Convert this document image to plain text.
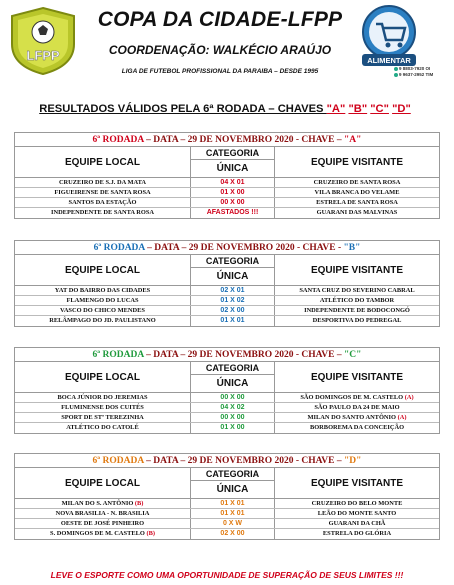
LFPP
COPA DA CIDADE-LFPP
COORDENAÇÃO: WALKÉCIO ARAÚJO
LIGA DE FUTEBOL PROFISSIONAL DA PARAIBA – DESDE 1995
ALIMENTAR
9 8803-7920 OI
9 9637-2952 TIM
RESULTADOS VÁLIDOS PELA 6ª RODADA – CHAVES "A" "B" "C" "D"
6ª RODADA – DATA – 29 DE NOVEMBRO 2020 - CHAVE – "A"
EQUIPE LOCAL
CATEGORIA
ÚNICA
EQUIPE VISITANTE
CRUZEIRO DE S.J. DA MATA	04 X 01	CRUZEIRO DE SANTA ROSA
FIGUEIRENSE DE SANTA ROSA	01 X 00	VILA BRANCA DO VELAME
SANTOS DA ESTAÇÃO	00 X 00	ESTRELA DE SANTA ROSA
INDEPENDENTE DE SANTA ROSA	AFASTADOS !!!	GUARANI DAS MALVINAS
6ª RODADA – DATA – 29 DE NOVEMBRO 2020 - CHAVE - "B"
EQUIPE LOCAL
CATEGORIA
ÚNICA
EQUIPE VISITANTE
YAT DO BAIRRO DAS CIDADES	02 X 01	SANTA CRUZ DO SEVERINO CABRAL
FLAMENGO DO LUCAS	01 X 02	ATLÉTICO DO TAMBOR
VASCO DO CHICO MENDES	02 X 00	INDEPENDENTE DE BODOCONGÓ
RELÂMPAGO DO JD. PAULISTANO	01 X 01	DESPORTIVA DO PEDREGAL
6ª RODADA – DATA – 29 DE NOVEMBRO 2020 - CHAVE – "C"
EQUIPE LOCAL
CATEGORIA
ÚNICA
EQUIPE VISITANTE
BOCA JÚNIOR DO JEREMIAS	00 X 00	SÃO DOMINGOS DE M. CASTELO (A)
FLUMINENSE DOS CUITÉS	04 X 02	SÃO PAULO DA 24 DE MAIO
SPORT DE STª TEREZINHA	00 X 00	MILAN DO SANTO ANTÔNIO (A)
ATLÉTICO DO CATOLÉ	01 X 00	BORBOREMA DA CONCEIÇÃO
6ª RODADA – DATA – 29 DE NOVEMBRO 2020 - CHAVE – "D"
EQUIPE LOCAL
CATEGORIA
ÚNICA
EQUIPE VISITANTE
MILAN DO S. ANTÔNIO (B)	01 X 01	CRUZEIRO DO BELO MONTE
NOVA BRASILIA - N. BRASILIA	01 X 01	LEÃO DO MONTE SANTO
OESTE DE JOSÉ PINHEIRO	0 X W	GUARANI DA CHÃ
S. DOMINGOS DE M. CASTELO (B)	02 X 00	ESTRELA DO GLÓRIA
LEVE O ESPORTE COMO UMA OPORTUNIDADE DE SUPERAÇÃO DE SEUS LIMITES !!!
